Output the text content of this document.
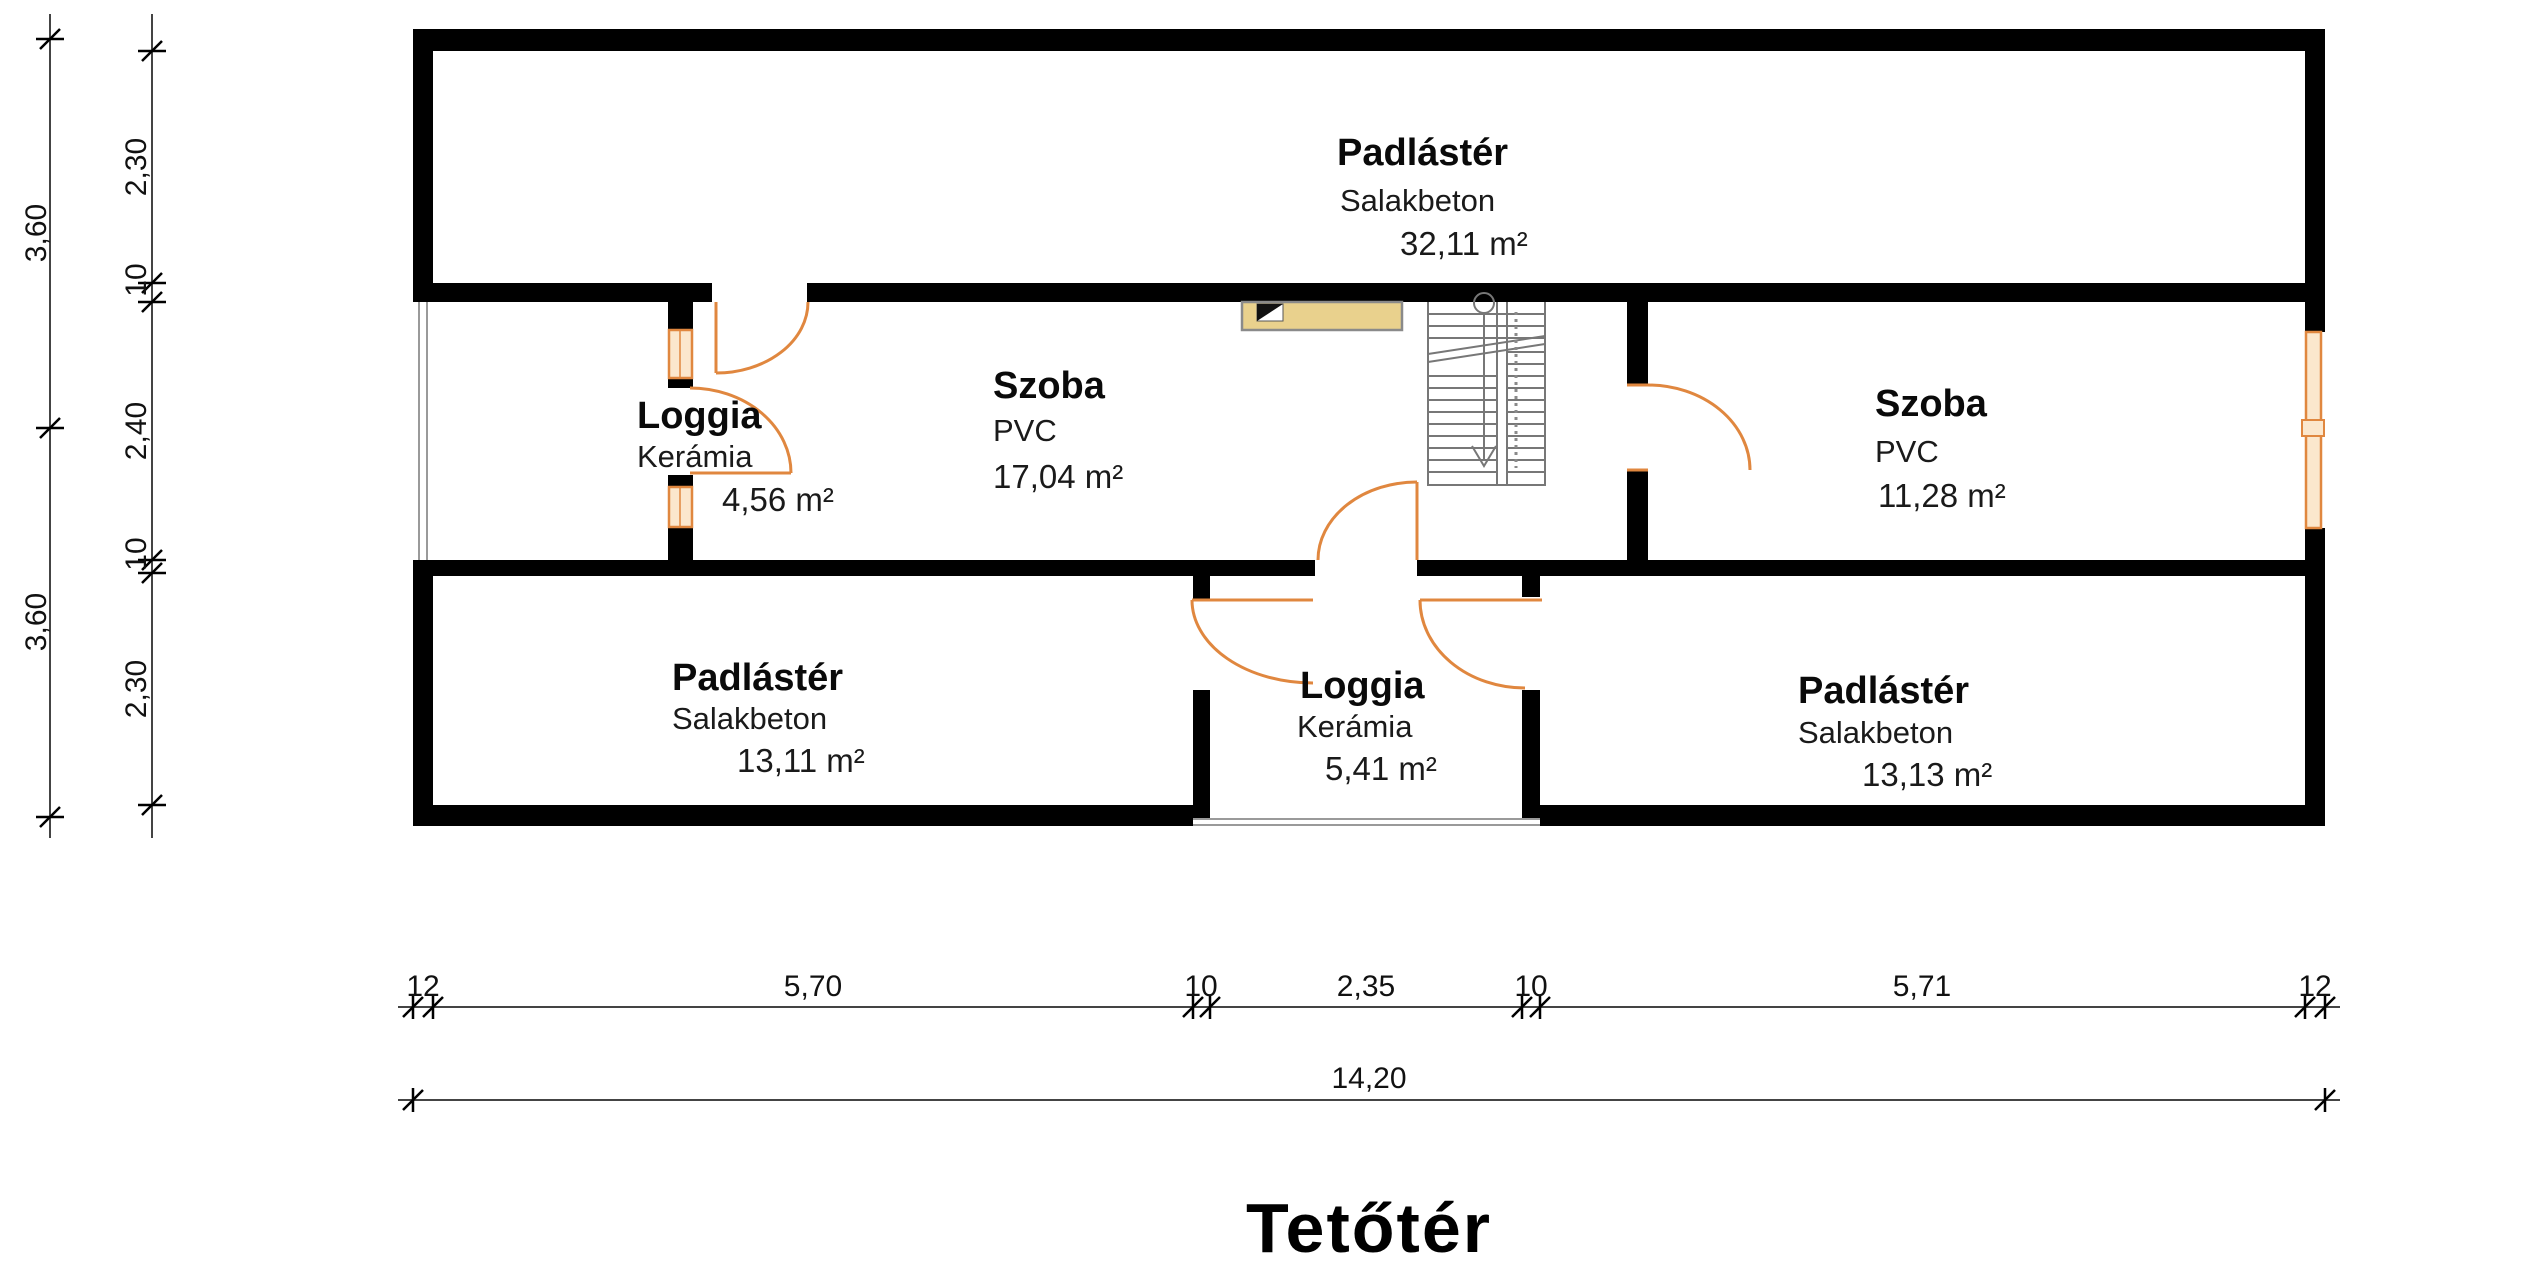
3,60
3,60
2,30
10
2,40
10
2,30
12	5,70	10	2,35	10	5,71	12
14,20
Padlástér
Salakbeton
32,11 m²
Loggia
Kerámia
4,56 m²
Szoba
PVC
17,04 m²
Szoba
PVC
11,28 m²
Padlástér
Salakbeton
13,11 m²
Loggia
Kerámia
5,41 m²
Padlástér
Salakbeton
13,13 m²
Tetőtér
